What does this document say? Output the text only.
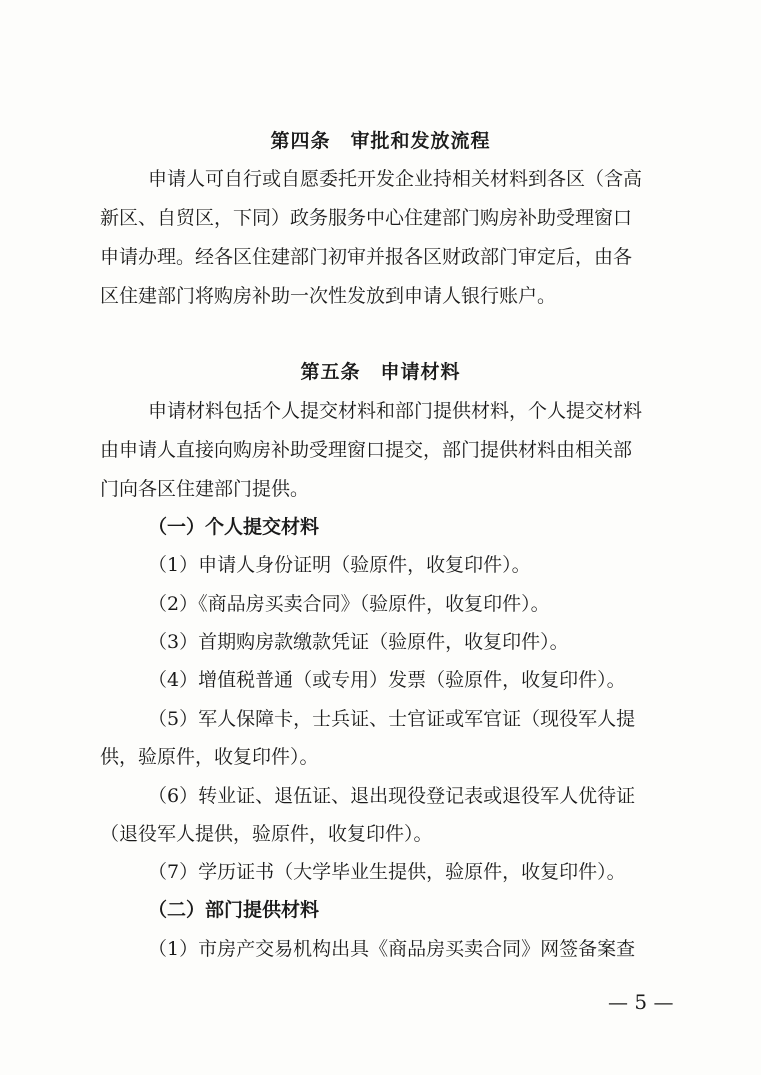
第四条　审批和发放流程
申请人可自行或自愿委托开发企业持相关材料到各区（含高
新区、自贸区，下同）政务服务中心住建部门购房补助受理窗口
申请办理。经各区住建部门初审并报各区财政部门审定后，由各
区住建部门将购房补助一次性发放到申请人银行账户。
第五条　申请材料
申请材料包括个人提交材料和部门提供材料，个人提交材料
由申请人直接向购房补助受理窗口提交，部门提供材料由相关部
门向各区住建部门提供。
（一）个人提交材料
（1）申请人身份证明（验原件，收复印件）。
（2）《商品房买卖合同》（验原件，收复印件）。
（3）首期购房款缴款凭证（验原件，收复印件）。
（4）增值税普通（或专用）发票（验原件，收复印件）。
（5）军人保障卡，士兵证、士官证或军官证（现役军人提
供，验原件，收复印件）。
（6）转业证、退伍证、退出现役登记表或退役军人优待证
（退役军人提供，验原件，收复印件）。
（7）学历证书（大学毕业生提供，验原件，收复印件）。
（二）部门提供材料
（1）市房产交易机构出具《商品房买卖合同》网签备案查
— 5 —
